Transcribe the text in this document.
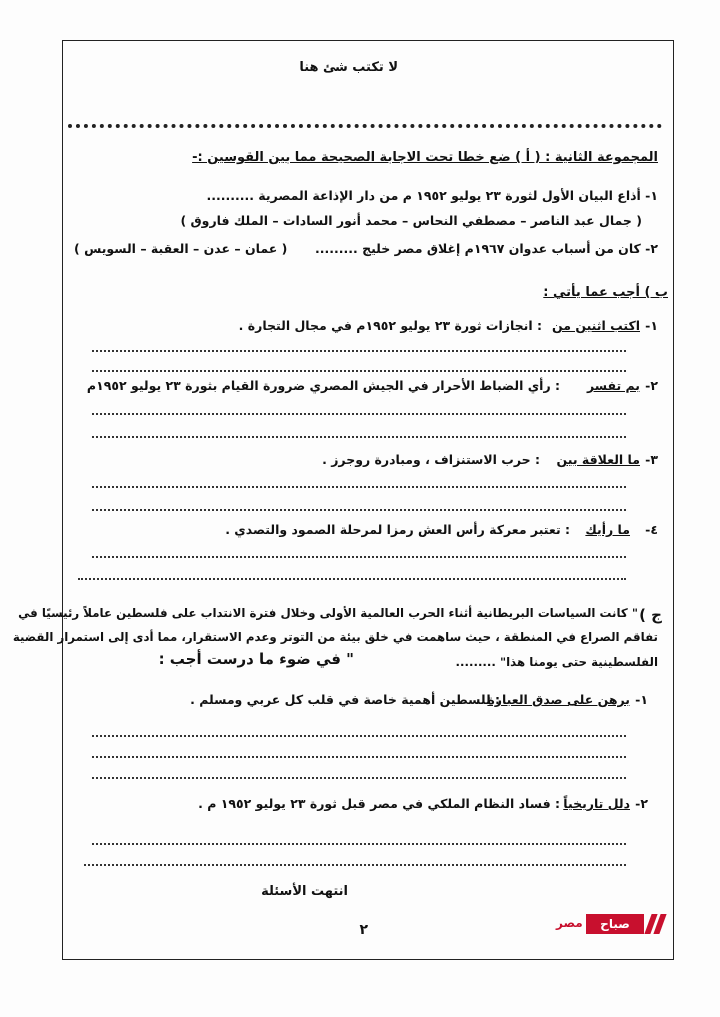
لا تكتب شئ هنا
المجموعة الثانية : ( أ ) ضع خطا تحت الاجابة الصحيحة مما بين القوسين :-
١- أذاع البيان الأول لثورة ٢٣ يوليو ١٩٥٢ م من دار الإذاعة المصرية ..........
( جمال عبد الناصر – مصطفي النحاس – محمد أنور السادات – الملك فاروق )
٢- كان من أسباب عدوان ١٩٦٧م إغلاق مصر خليج .........
( عمان – عدن – العقبة – السويس )
ب ) أجب عما يأتي :
١-
اكتب اثنين من
: انجازات ثورة ٢٣ يوليو ١٩٥٢م في مجال التجارة .
٢-
بم تفسر
: رأي الضباط الأحرار في الجيش المصري ضرورة القيام بثورة ٢٣ يوليو ١٩٥٢م
٣-
ما العلاقة بين
: حرب الاستنزاف ، ومبادرة روجرز .
٤-
ما رأيك
: تعتبر معركة رأس العش رمزا لمرحلة الصمود والتصدي .
ج )
" كانت السياسات البريطانية أثناء الحرب العالمية الأولى وخلال فترة الانتداب على فلسطين عاملاً رئيسيًا في
تفاقم الصراع في المنطقة ، حيث ساهمت في خلق بيئة من التوتر وعدم الاستقرار، مما أدى إلى استمرار القضية
الفلسطينية حتى يومنا هذا" .........
" في ضوء ما درست أجب :
١-
برهن على صدق العبارة
: للسطين أهمية خاصة في قلب كل عربي ومسلم .
٢-
دلل تاريخياً
: فساد النظام الملكي في مصر قبل ثورة ٢٣ يوليو ١٩٥٢ م .
انتهت الأسئلة
٢	مصر	صباح
